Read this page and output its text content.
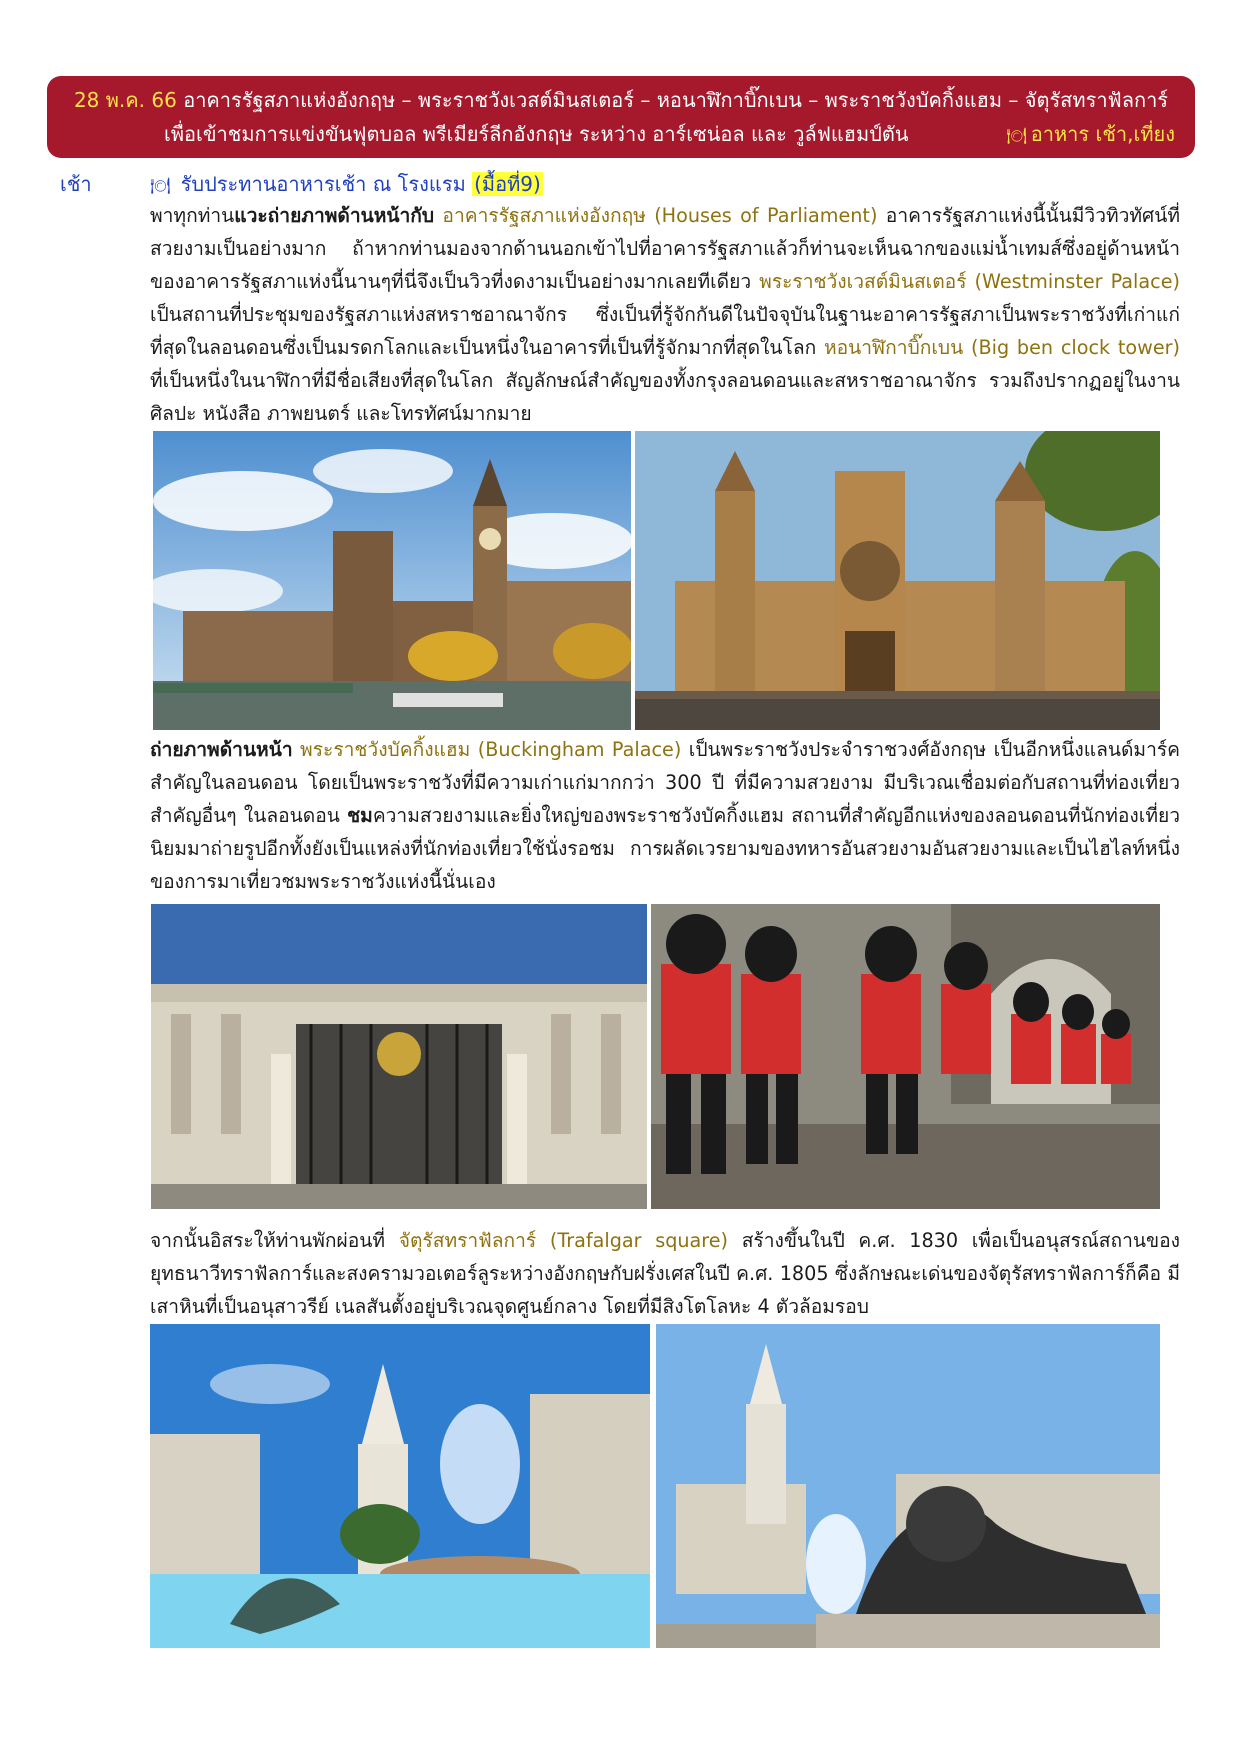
28 พ.ค. 66 อาคารรัฐสภาแห่งอังกฤษ – พระราชวังเวสต์มินสเตอร์ – หอนาฬิกาบิ๊กเบน – พระราชวังบัคกิ้งแฮม – จัตุรัสทราฟัลการ์
เพื่อเข้าชมการแข่งขันฟุตบอล พรีเมียร์ลีกอังกฤษ ระหว่าง อาร์เซน่อล และ วูล์ฟแฮมป์ตัน	🍽 อาหาร เช้า,เที่ยง
เช้า	🍽 รับประทานอาหารเช้า ณ โรงแรม (มื้อที่9)
พาทุกท่านแวะถ่ายภาพด้านหน้ากับ อาคารรัฐสภาแห่งอังกฤษ (Houses of Parliament) อาคารรัฐสภาแห่งนี้นั้นมีวิวทิวทัศน์ที่สวยงามเป็นอย่างมาก ถ้าหากท่านมองจากด้านนอกเข้าไปที่อาคารรัฐสภาแล้วก็ท่านจะเห็นฉากของแม่น้ำเทมส์ซึ่งอยู่ด้านหน้าของอาคารรัฐสภาแห่งนี้นานๆที่นี่จึงเป็นวิวที่งดงามเป็นอย่างมากเลยทีเดียว พระราชวังเวสต์มินสเตอร์ (Westminster Palace) เป็นสถานที่ประชุมของรัฐสภาแห่งสหราชอาณาจักร ซึ่งเป็นที่รู้จักกันดีในปัจจุบันในฐานะอาคารรัฐสภาเป็นพระราชวังที่เก่าแก่ที่สุดในลอนดอนซึ่งเป็นมรดกโลกและเป็นหนึ่งในอาคารที่เป็นที่รู้จักมากที่สุดในโลก หอนาฬิกาบิ๊กเบน (Big ben clock tower) ที่เป็นหนึ่งในนาฬิกาที่มีชื่อเสียงที่สุดในโลก สัญลักษณ์สำคัญของทั้งกรุงลอนดอนและสหราชอาณาจักร รวมถึงปรากฏอยู่ในงานศิลปะ หนังสือ ภาพยนตร์ และโทรทัศน์มากมาย
ถ่ายภาพด้านหน้า พระราชวังบัคกิ้งแฮม (Buckingham Palace) เป็นพระราชวังประจำราชวงศ์อังกฤษ เป็นอีกหนึ่งแลนด์มาร์คสำคัญในลอนดอน โดยเป็นพระราชวังที่มีความเก่าแก่มากกว่า 300 ปี ที่มีความสวยงาม มีบริเวณเชื่อมต่อกับสถานที่ท่องเที่ยวสำคัญอื่นๆ ในลอนดอน ชมความสวยงามและยิ่งใหญ่ของพระราชวังบัคกิ้งแฮม สถานที่สำคัญอีกแห่งของลอนดอนที่นักท่องเที่ยวนิยมมาถ่ายรูปอีกทั้งยังเป็นแหล่งที่นักท่องเที่ยวใช้นั่งรอชม การผลัดเวรยามของทหารอันสวยงามอันสวยงามและเป็นไฮไลท์หนึ่งของการมาเที่ยวชมพระราชวังแห่งนี้นั่นเอง
จากนั้นอิสระให้ท่านพักผ่อนที่ จัตุรัสทราฟัลการ์ (Trafalgar square) สร้างขึ้นในปี ค.ศ. 1830 เพื่อเป็นอนุสรณ์สถานของยุทธนาวีทราฟัลการ์และสงครามวอเตอร์ลูระหว่างอังกฤษกับฝรั่งเศสในปี ค.ศ. 1805 ซึ่งลักษณะเด่นของจัตุรัสทราฟัลการ์ก็คือ มีเสาหินที่เป็นอนุสาวรีย์ เนลสันตั้งอยู่บริเวณจุดศูนย์กลาง โดยที่มีสิงโตโลหะ 4 ตัวล้อมรอบ
